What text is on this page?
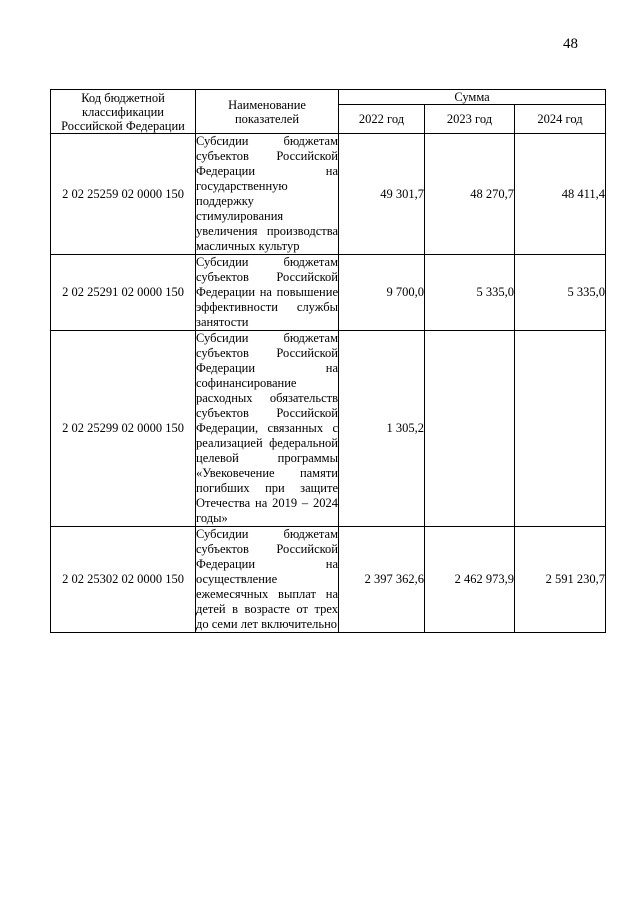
48
Код бюджетной классификации Российской Федерации	Наименование показателей	Сумма		
		2022 год	2023 год	2024 год
2 02 25259 02 0000 150	Субсидии бюджетам субъектов Российской Федерации на государственную поддержку стимулирования увеличения производства масличных культур	49 301,7	48 270,7	48 411,4
2 02 25291 02 0000 150	Субсидии бюджетам субъектов Российской Федерации на повышение эффективности службы занятости	9 700,0	5 335,0	5 335,0
2 02 25299 02 0000 150	Субсидии бюджетам субъектов Российской Федерации на софинансирование расходных обязательств субъектов Российской Федерации, связанных с реализацией федеральной целевой программы «Увековечение памяти погибших при защите Отечества на 2019 – 2024 годы»	1 305,2		
2 02 25302 02 0000 150	Субсидии бюджетам субъектов Российской Федерации на осуществление ежемесячных выплат на детей в возрасте от трех до семи лет включительно	2 397 362,6	2 462 973,9	2 591 230,7
